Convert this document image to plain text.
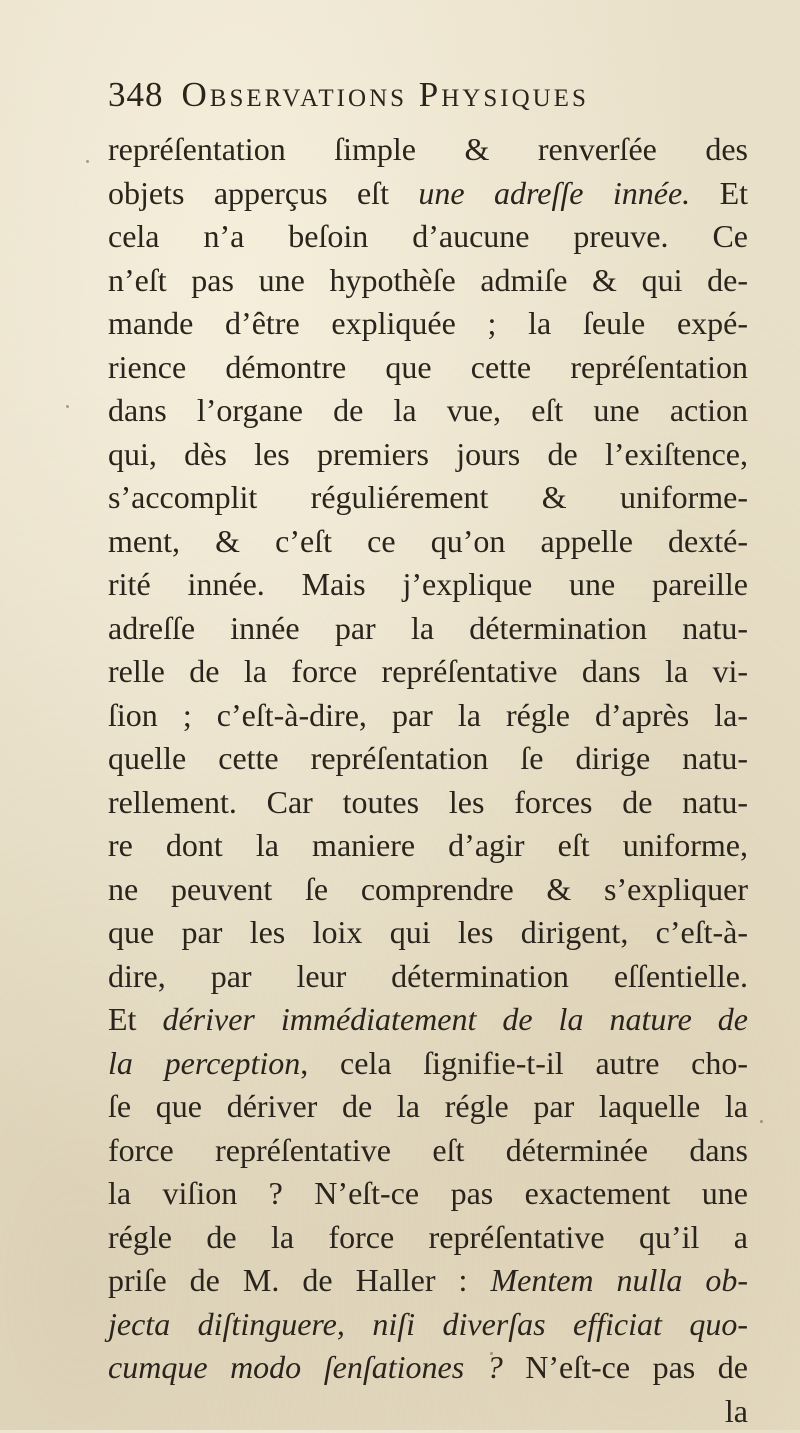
348 Observations Physiques
repréſentation ſimple & renverſée des
objets apperçus eſt une adreſſe innée. Et
cela n’a beſoin d’aucune preuve. Ce
n’eſt pas une hypothèſe admiſe & qui de-
mande d’être expliquée ; la ſeule expé-
rience démontre que cette repréſentation
dans l’organe de la vue, eſt une action
qui, dès les premiers jours de l’exiſtence,
s’accomplit réguliérement & uniforme-
ment, & c’eſt ce qu’on appelle dexté-
rité innée. Mais j’explique une pareille
adreſſe innée par la détermination natu-
relle de la force repréſentative dans la vi-
ſion ; c’eſt-à-dire, par la régle d’après la-
quelle cette repréſentation ſe dirige natu-
rellement. Car toutes les forces de natu-
re dont la maniere d’agir eſt uniforme,
ne peuvent ſe comprendre & s’expliquer
que par les loix qui les dirigent, c’eſt-à-
dire, par leur détermination eſſentielle.
Et dériver immédiatement de la nature de
la perception, cela ſignifie-t-il autre cho-
ſe que dériver de la régle par laquelle la
force repréſentative eſt déterminée dans
la viſion ? N’eſt-ce pas exactement une
régle de la force repréſentative qu’il a
priſe de M. de Haller : Mentem nulla ob-
jecta diſtinguere, niſi diverſas efficiat quo-
cumque modo ſenſationes ? N’eſt-ce pas de
la
